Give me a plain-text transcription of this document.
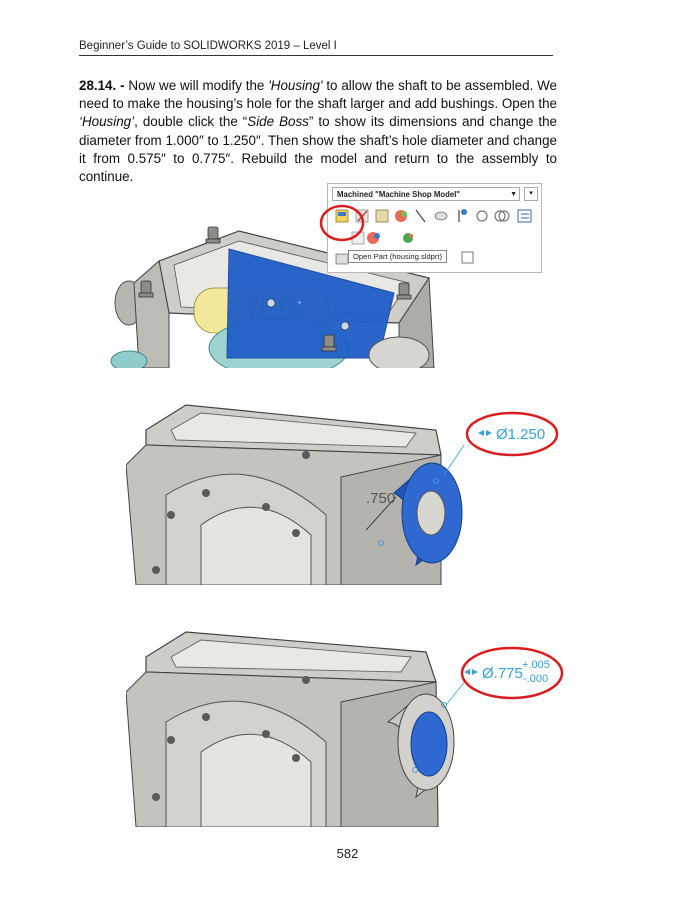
Beginner’s Guide to SOLIDWORKS 2019 – Level I
28.14. - Now we will modify the 'Housing' to allow the shaft to be assembled. We need to make the housing’s hole for the shaft larger and add bushings. Open the ‘Housing’, double click the “Side Boss” to show its dimensions and change the diameter from 1.000″ to 1.250″. Then show the shaft’s hole diameter and change it from 0.575″ to 0.775″. Rebuild the model and return to the assembly to continue.
+
Machined "Machine Shop Model"	▼	▾
Open Part (housing.sldprt)
.750
Ø1.250
Ø.775 +.005
-.000
582
